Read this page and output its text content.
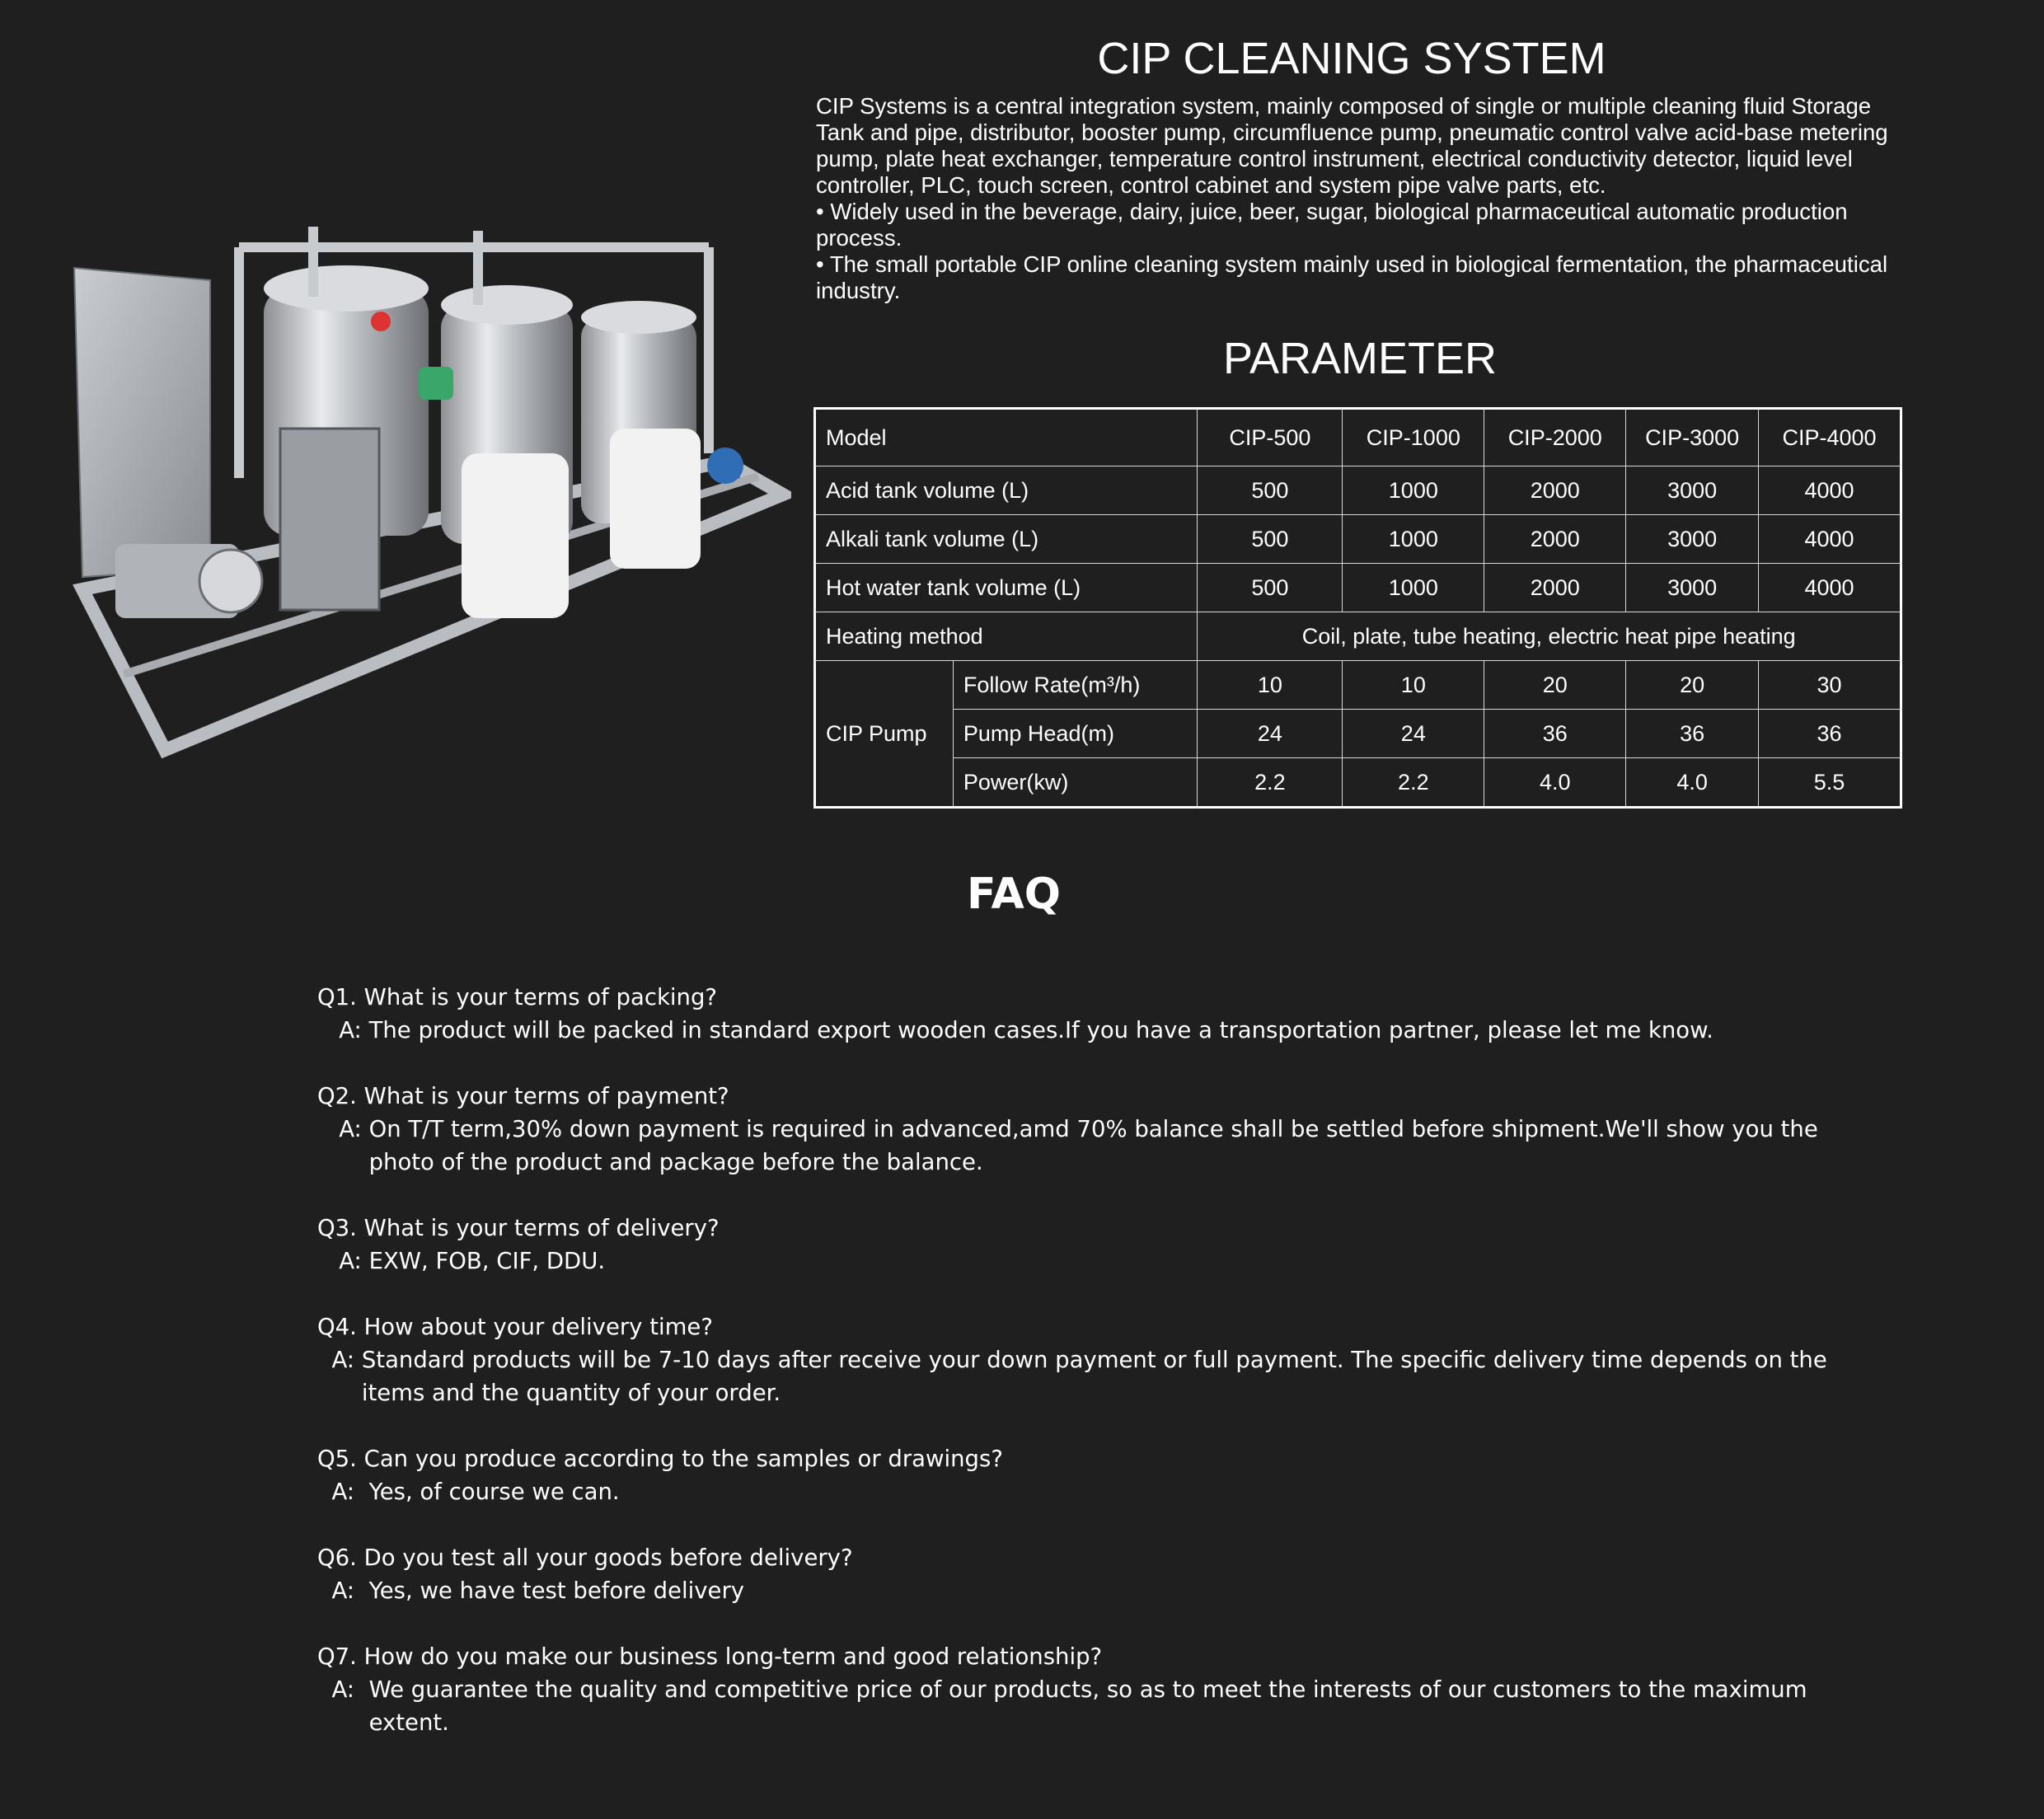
CIP CLEANING SYSTEM

CIP Systems is a central integration system, mainly composed of single or multiple cleaning fluid Storage Tank and pipe, distributor, booster pump, circumfluence pump, pneumatic control valve acid-base metering pump, plate heat exchanger, temperature control instrument, electrical conductivity detector, liquid level controller, PLC, touch screen, control cabinet and system pipe valve parts, etc.

• Widely used in the beverage, dairy, juice, beer, sugar, biological pharmaceutical automatic production process.

• The small portable CIP online cleaning system mainly used in biological fermentation, the pharmaceutical industry.

PARAMETER
Model		CIP-500	CIP-1000	CIP-2000	CIP-3000	CIP-4000
Acid tank volume (L)		500	1000	2000	3000	4000
Alkali tank volume (L)		500	1000	2000	3000	4000
Hot water tank volume (L)		500	1000	2000	3000	4000
Heating method		Coil, plate, tube heating, electric heat pipe heating				
CIP Pump	Follow Rate(m³/h)	10	10	20	20	30
	Pump Head(m)	24	24	36	36	36
	Power(kw)	2.2	2.2	4.0	4.0	5.5
FAQ

Q1. What is your terms of packing?

A: The product will be packed in standard export wooden cases.If you have a transportation partner, please let me know.

Q2. What is your terms of payment?

A: On T/T term,30% down payment is required in advanced,amd 70% balance shall be settled before shipment.We'll show you the photo of the product and package before the balance.

Q3. What is your terms of delivery?

A: EXW, FOB, CIF, DDU.

Q4. How about your delivery time?

A: Standard products will be 7-10 days after receive your down payment or full payment. The specific delivery time depends on the items and the quantity of your order.

Q5. Can you produce according to the samples or drawings?

A: Yes, of course we can.

Q6. Do you test all your goods before delivery?

A: Yes, we have test before delivery

Q7. How do you make our business long-term and good relationship?

A: We guarantee the quality and competitive price of our products, so as to meet the interests of our customers to the maximum extent.
